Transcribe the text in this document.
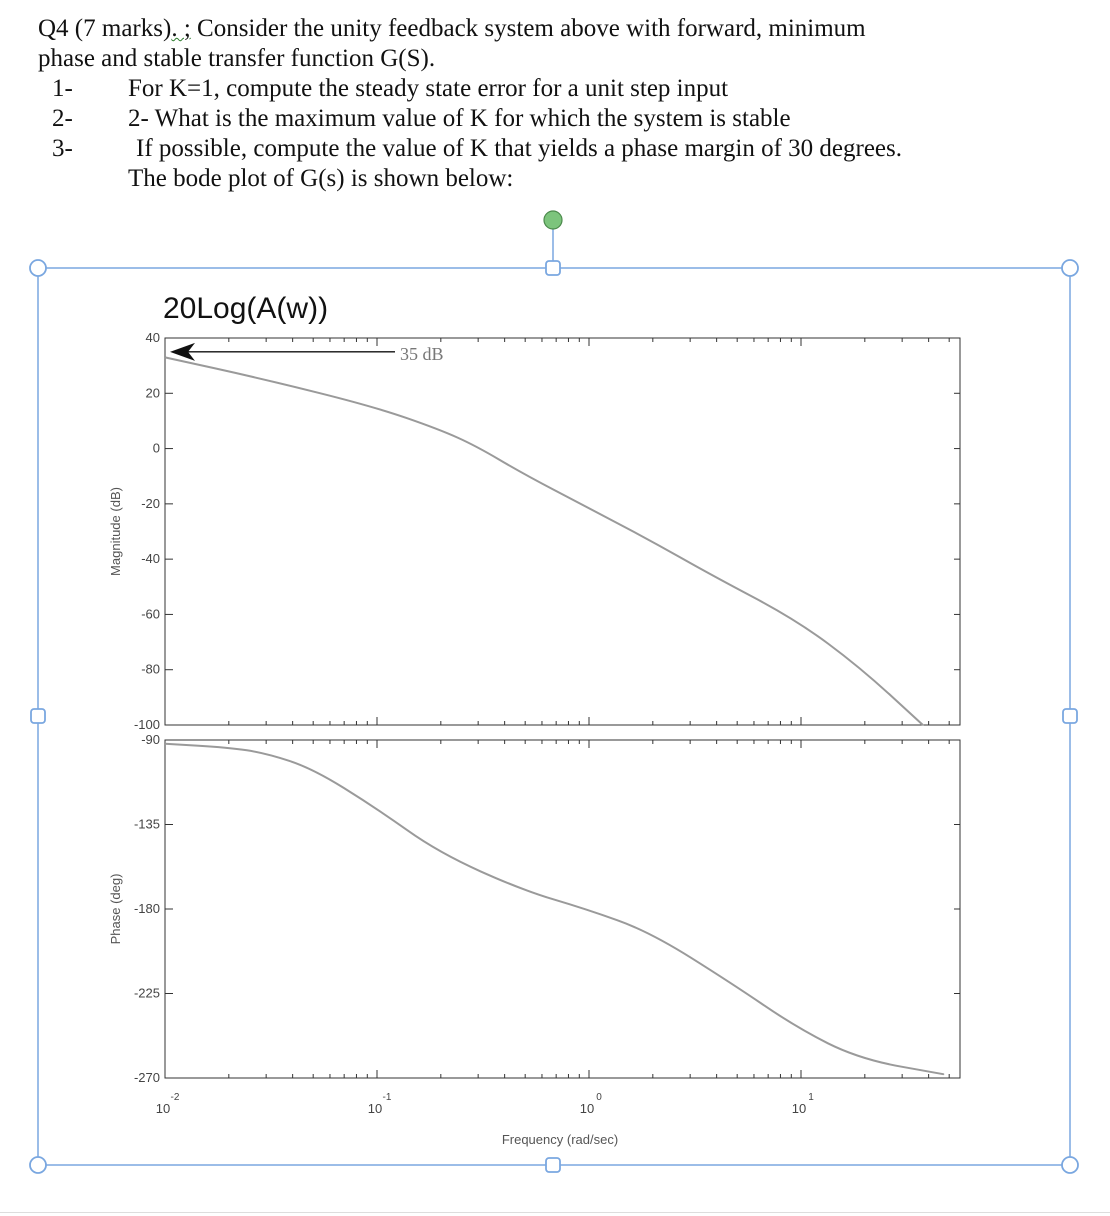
Q4 (7 marks). ; Consider the unity feedback system above with forward, minimum
phase and stable transfer function G(S).
1- For K=1, compute the steady state error for a unit step input
2- 2- What is the maximum value of K for which the system is stable
3-	If possible, compute the value of K that yields a phase margin of 30 degrees.
The bode plot of G(s) is shown below:
40
20
0
-20
-40
-60
-80
-100
Magnitude (dB)
20Log(A(w))
35 dB
-90
-135
-180
-225
-270
Phase (deg)
10
-2
10
-1
10
0
10
1
Frequency (rad/sec)
